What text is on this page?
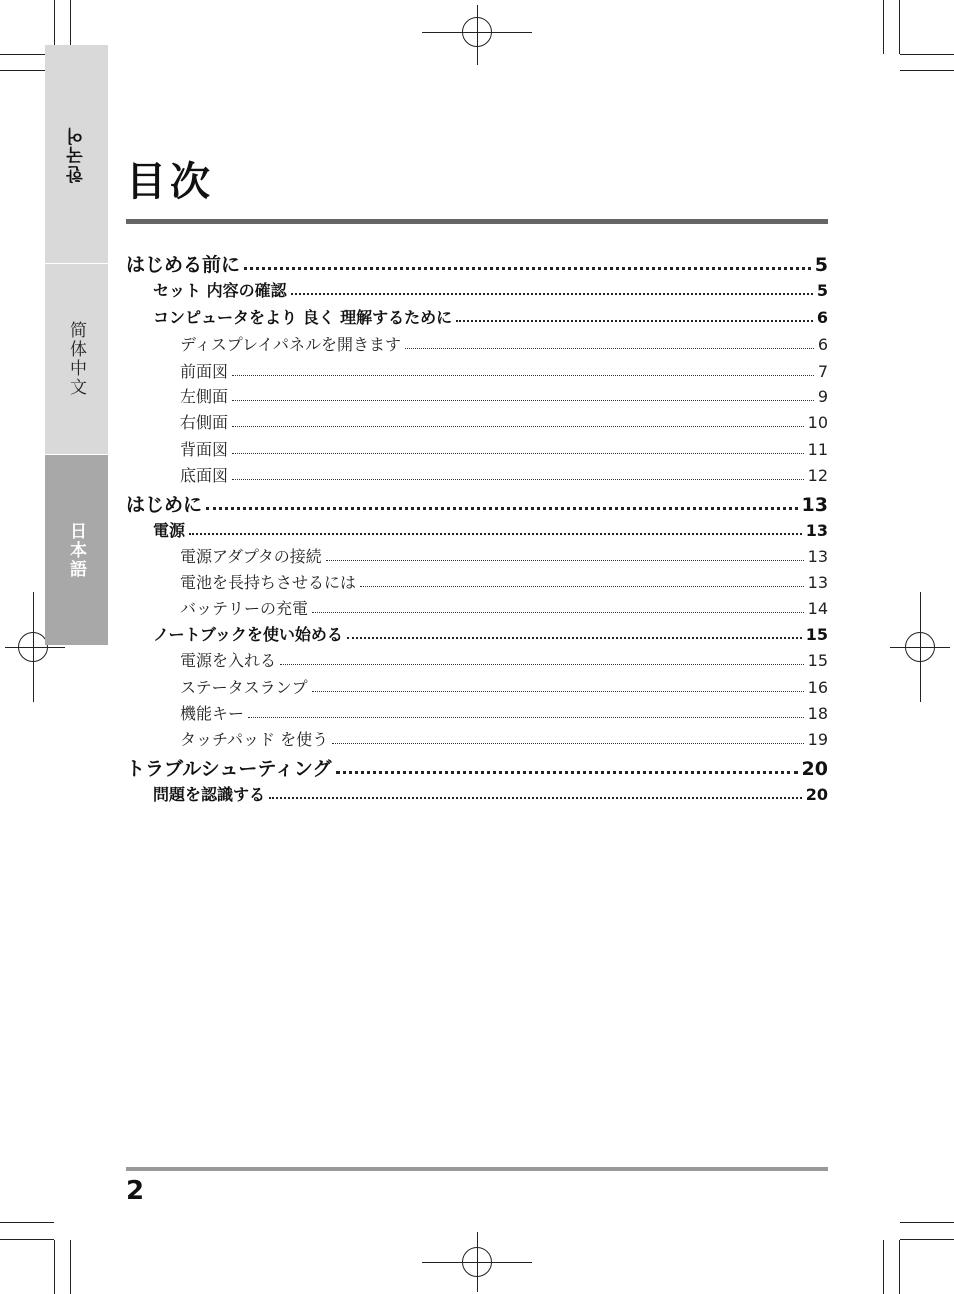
한국어
简体中文
日本語
目次
はじめる前に	5
セット 内容の確認	5
コンピュータをより 良く 理解するために	6
ディスプレイパネルを開きます	6
前面図	7
左側面	9
右側面	10
背面図	11
底面図	12
はじめに	13
電源	13
電源アダプタの接続	13
電池を長持ちさせるには	13
バッテリーの充電	14
ノートブックを使い始める	15
電源を入れる	15
ステータスランプ	16
機能キー	18
タッチパッド を使う	19
トラブルシューティング	20
問題を認識する	20
2
